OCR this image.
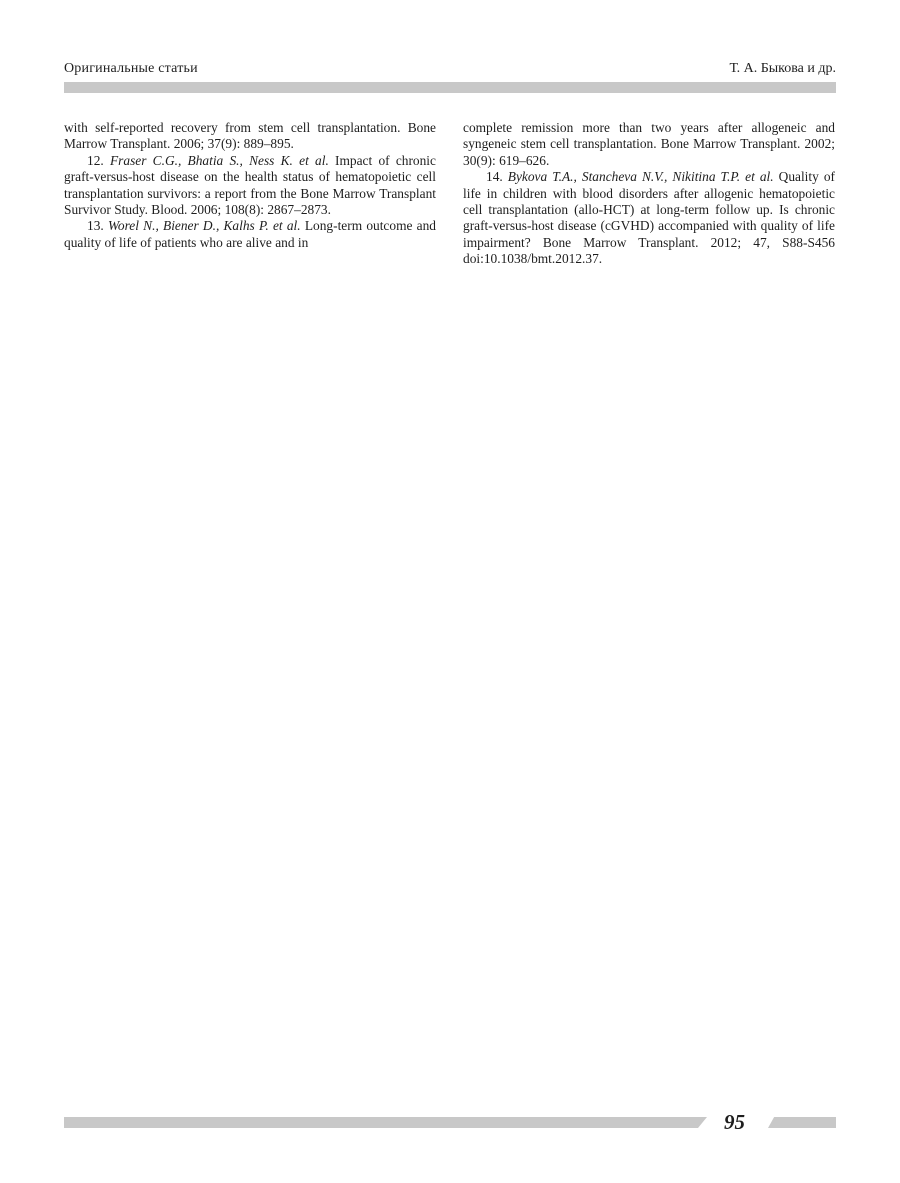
Оригинальные статьи	Т. А. Быкова и др.

with self-reported recovery from stem cell transplantation. Bone Marrow Transplant. 2006; 37(9): 889–895.

12. Fraser C.G., Bhatia S., Ness K. et al. Impact of chronic graft-versus-host disease on the health status of hematopoietic cell transplantation survivors: a report from the Bone Marrow Transplant Survivor Study. Blood. 2006; 108(8): 2867–2873.

13. Worel N., Biener D., Kalhs P. et al. Long-term outcome and quality of life of patients who are alive and in

complete remission more than two years after allogeneic and syngeneic stem cell transplantation. Bone Marrow Transplant. 2002; 30(9): 619–626.

14. Bykova T.A., Stancheva N.V., Nikitina T.P. et al. Quality of life in children with blood disorders after allogenic hematopoietic cell transplantation (allo-HCT) at long-term follow up. Is chronic graft-versus-host disease (cGVHD) accompanied with quality of life impairment? Bone Marrow Transplant. 2012; 47, S88-S456 doi:10.1038/bmt.2012.37.

95
